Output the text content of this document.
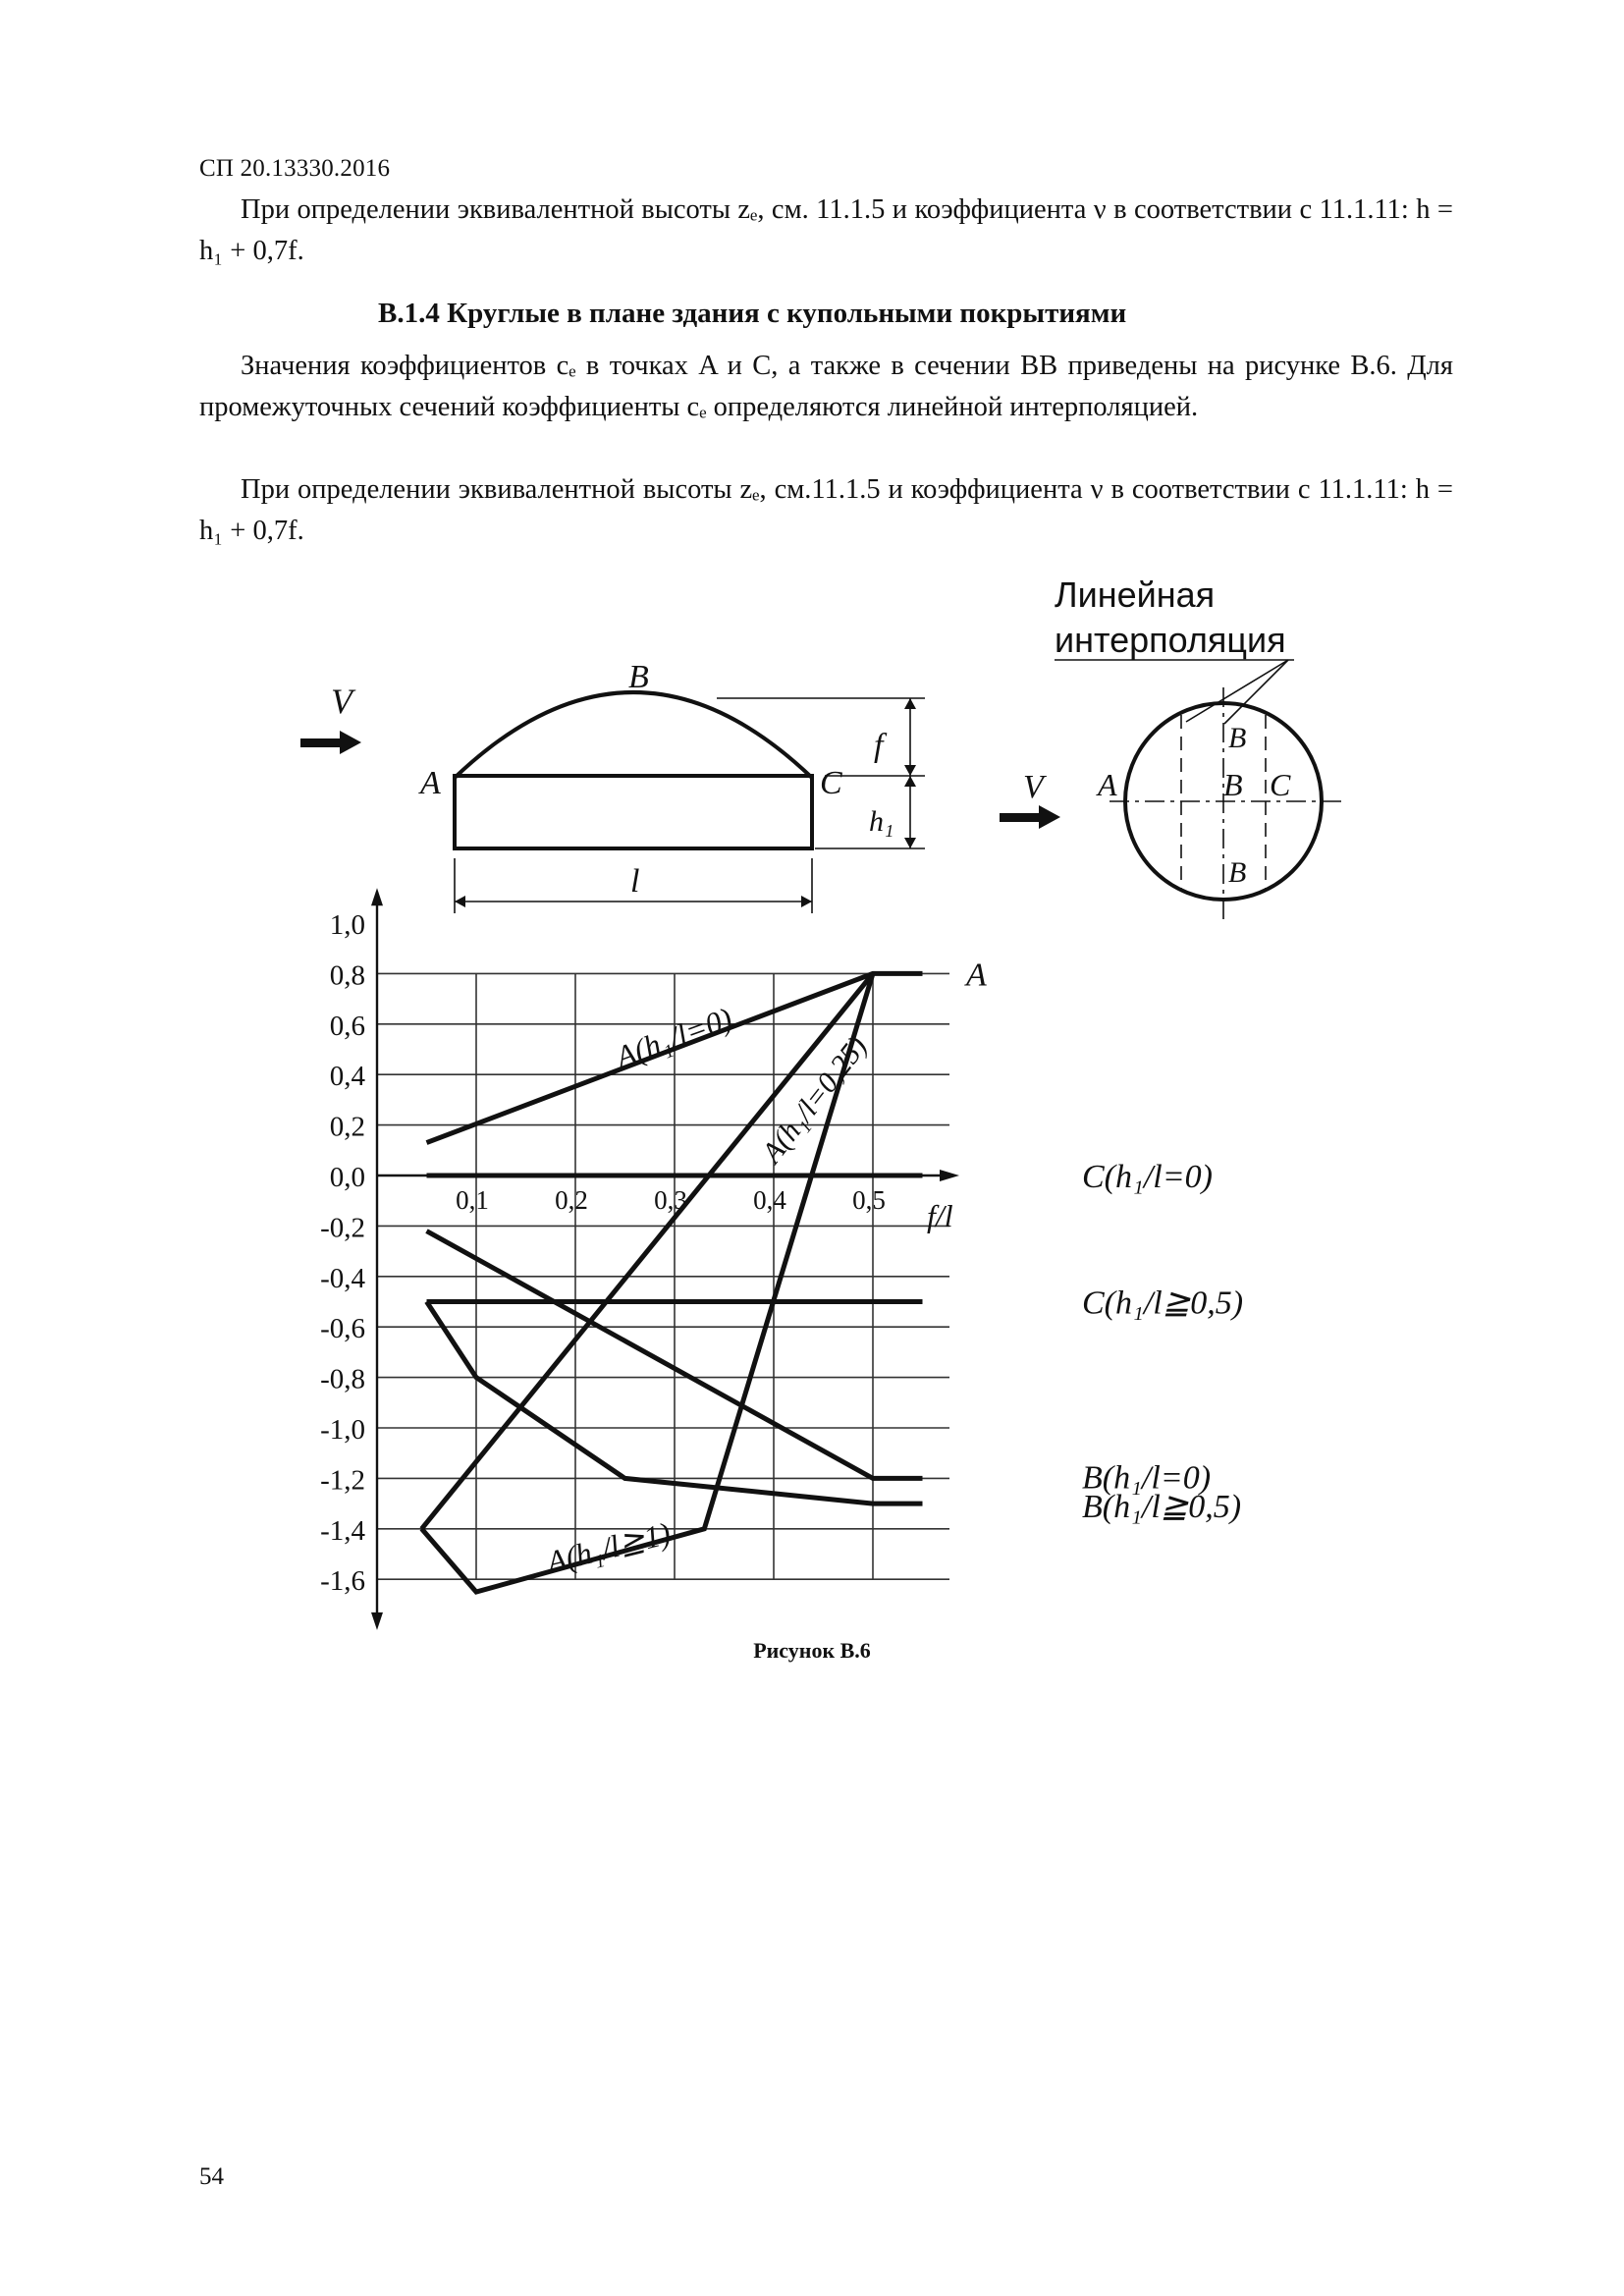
СП 20.13330.2016
При определении эквивалентной высоты zₑ, см. 11.1.5 и коэффициента ν в соответствии с 11.1.11: h = h₁ + 0,7f.
В.1.4 Круглые в плане здания с купольными покрытиями
Значения коэффициентов cₑ в точках A и C, а также в сечении ВВ приведены на рисунке В.6. Для промежуточных сечений коэффициенты cₑ определяются линейной интерполяцией.
При определении эквивалентной высоты zₑ, см.11.1.5 и коэффициента ν в соответствии с 11.1.11: h = h₁ + 0,7f.
V
A
B
C
f
h₁
l
Линейная
интерполяция
A
B
B C
B
V
1,0
0,8
0,6
0,4
0,2
0,0
-0,2
-0,4
-0,6
-0,8
-1,0
-1,2
-1,4
-1,6
0,1 0,2 0,3 0,4 0,5 f/l
A
C(h₁/l=0)
C(h₁/l≧0,5)
B(h₁/l=0)
B(h₁/l≧0,5)
A(h₁/l=0) A(h₁/l=0,25)
A(h₁/l≧1)
Рисунок В.6
54
